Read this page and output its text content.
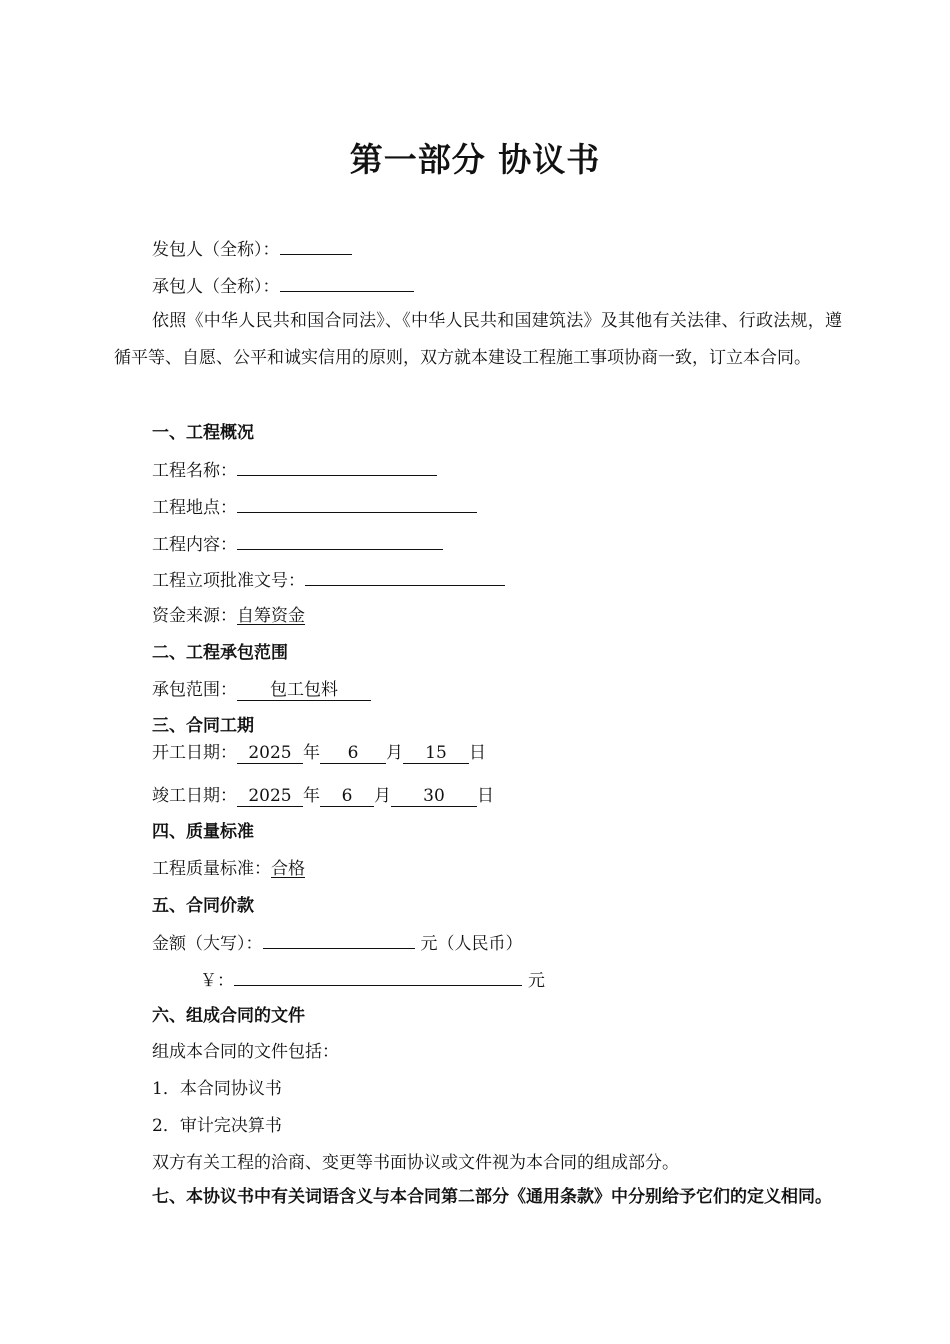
第一部分 协议书
发包人（全称）：
承包人（全称）：
依照《中华人民共和国合同法》、《中华人民共和国建筑法》及其他有关法律、行政法规，遵循平等、自愿、公平和诚实信用的原则，双方就本建设工程施工事项协商一致，订立本合同。
一、工程概况
工程名称：
工程地点：
工程内容：
工程立项批准文号：
资金来源：自筹资金
二、工程承包范围
承包范围： 包工包料
三、合同工期
开工日期： 2025 年 6 月 15 日
竣工日期： 2025 年 6 月 30 日
四、质量标准
工程质量标准：合格
五、合同价款
金额（大写）：	元（人民币）
￥：	元
六、组成合同的文件
组成本合同的文件包括：
1．本合同协议书
2．审计完决算书
双方有关工程的洽商、变更等书面协议或文件视为本合同的组成部分。
七、本协议书中有关词语含义与本合同第二部分《通用条款》中分别给予它们的定义相同。
